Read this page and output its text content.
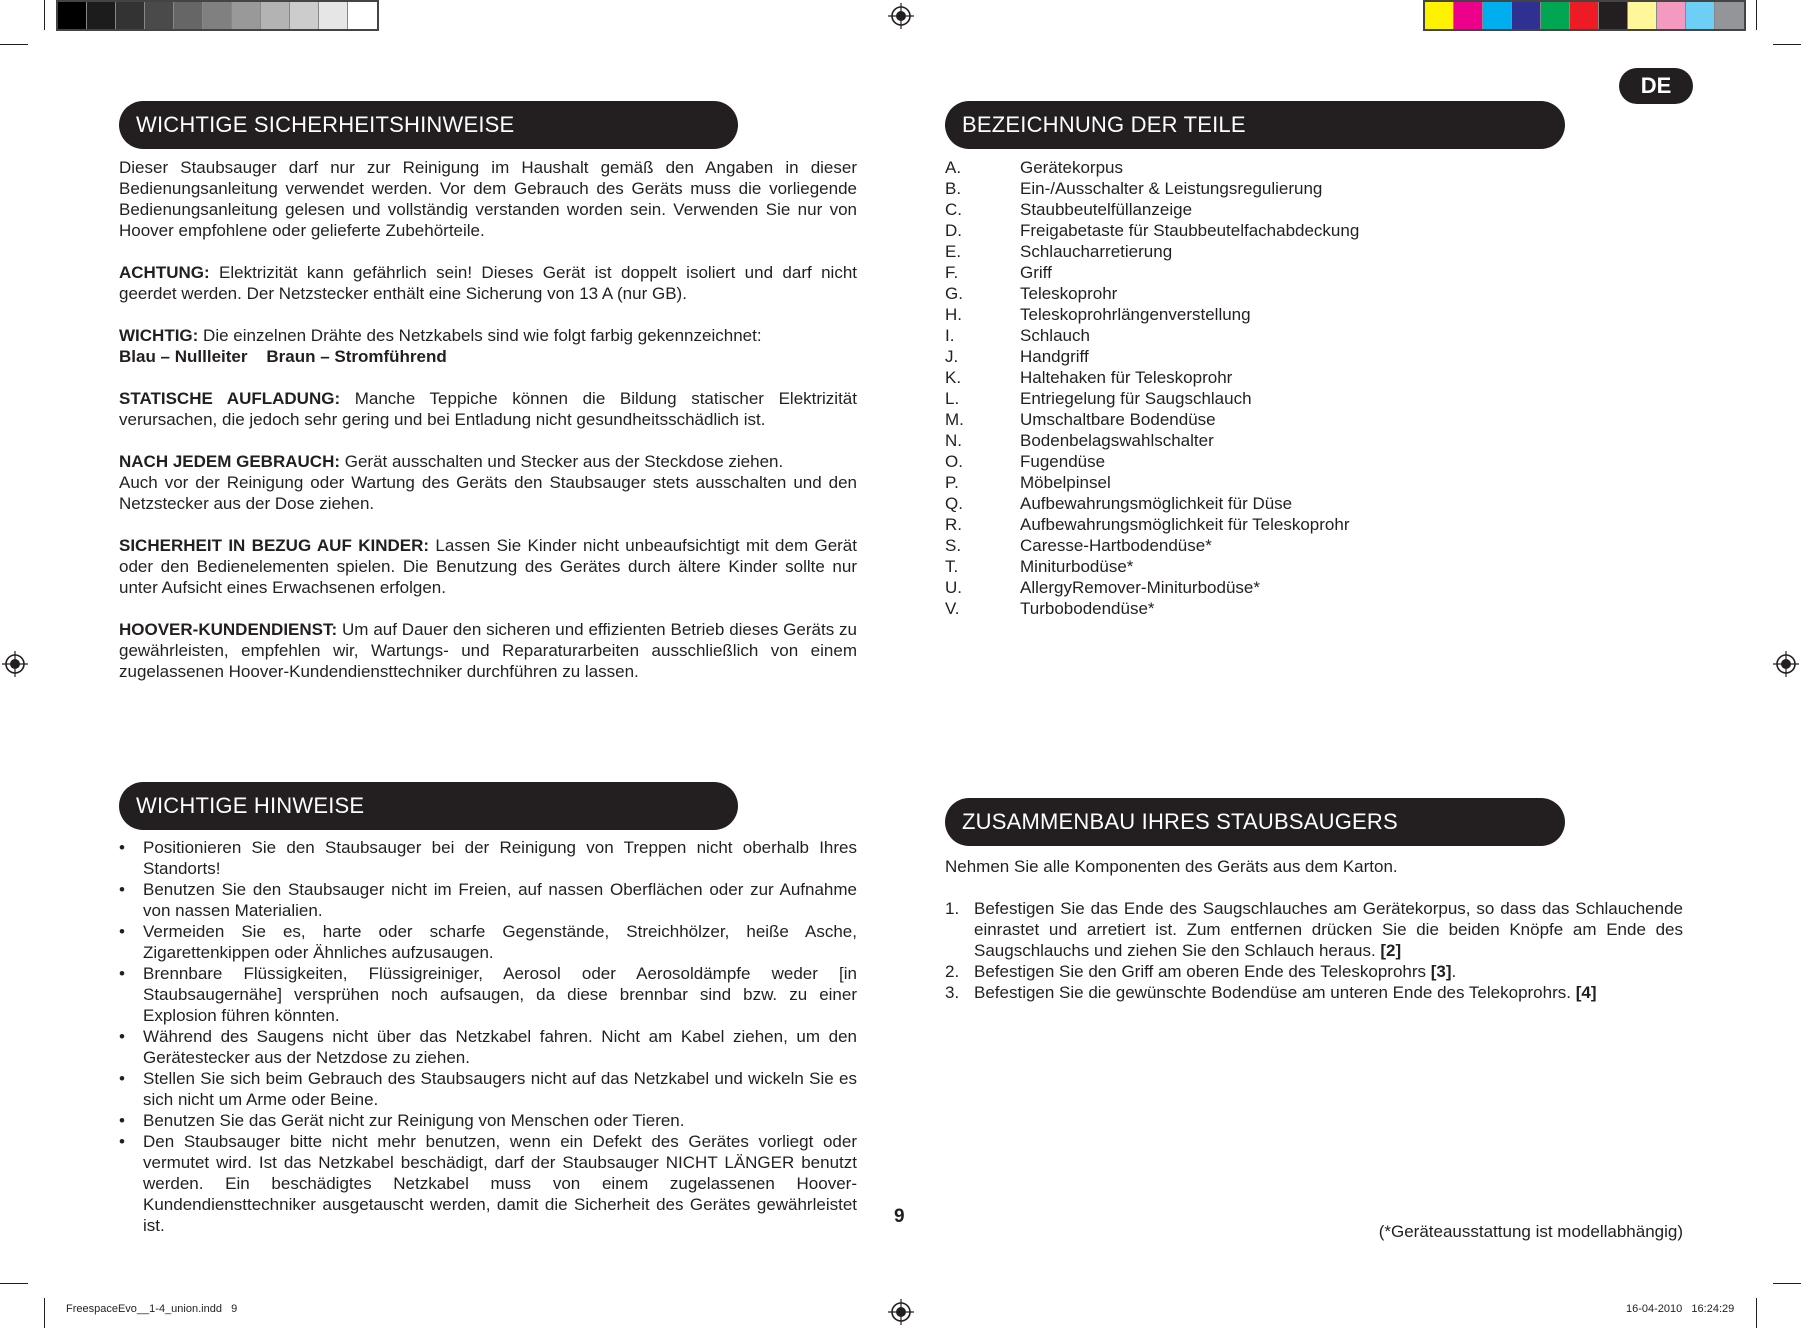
DE
WICHTIGE SICHERHEITSHINWEISE

Dieser Staubsauger darf nur zur Reinigung im Haushalt gemäß den Angaben in dieser Bedienungsanleitung verwendet werden. Vor dem Gebrauch des Geräts muss die vorliegende Bedienungsanleitung gelesen und vollständig verstanden worden sein. Verwenden Sie nur von Hoover empfohlene oder gelieferte Zubehörteile.

ACHTUNG: Elektrizität kann gefährlich sein! Dieses Gerät ist doppelt isoliert und darf nicht geerdet werden. Der Netzstecker enthält eine Sicherung von 13 A (nur GB).

WICHTIG: Die einzelnen Drähte des Netzkabels sind wie folgt farbig gekennzeichnet:
Blau – Nullleiter    Braun – Stromführend

STATISCHE AUFLADUNG: Manche Teppiche können die Bildung statischer Elektrizität verursachen, die jedoch sehr gering und bei Entladung nicht gesundheitsschädlich ist.

NACH JEDEM GEBRAUCH: Gerät ausschalten und Stecker aus der Steckdose ziehen.
Auch vor der Reinigung oder Wartung des Geräts den Staubsauger stets ausschalten und den Netzstecker aus der Dose ziehen.

SICHERHEIT IN BEZUG AUF KINDER: Lassen Sie Kinder nicht unbeaufsichtigt mit dem Gerät oder den Bedienelementen spielen. Die Benutzung des Gerätes durch ältere Kinder sollte nur unter Aufsicht eines Erwachsenen erfolgen.

HOOVER-KUNDENDIENST: Um auf Dauer den sicheren und effizienten Betrieb dieses Geräts zu gewährleisten, empfehlen wir, Wartungs- und Reparaturarbeiten ausschließlich von einem zugelassenen Hoover-Kundendiensttechniker durchführen zu lassen.

BEZEICHNUNG DER TEILE
A.	Gerätekorpus
B.	Ein-/Ausschalter & Leistungsregulierung
C.	Staubbeutelfüllanzeige
D.	Freigabetaste für Staubbeutelfachabdeckung
E.	Schlaucharretierung
F.	Griff
G.	Teleskoprohr
H.	Teleskoprohrlängenverstellung
I.	Schlauch
J.	Handgriff
K.	Haltehaken für Teleskoprohr
L.	Entriegelung für Saugschlauch
M.	Umschaltbare Bodendüse
N.	Bodenbelagswahlschalter
O.	Fugendüse
P.	Möbelpinsel
Q.	Aufbewahrungsmöglichkeit für Düse
R.	Aufbewahrungsmöglichkeit für Teleskoprohr
S.	Caresse-Hartbodendüse*
T.	Miniturbodüse*
U.	AllergyRemover-Miniturbodüse*
V.	Turbobodendüse*
WICHTIGE HINWEISE
• Positionieren Sie den Staubsauger bei der Reinigung von Treppen nicht oberhalb Ihres Standorts!
• Benutzen Sie den Staubsauger nicht im Freien, auf nassen Oberflächen oder zur Aufnahme von nassen Materialien.
• Vermeiden Sie es, harte oder scharfe Gegenstände, Streichhölzer, heiße Asche, Zigarettenkippen oder Ähnliches aufzusaugen.
• Brennbare Flüssigkeiten, Flüssigreiniger, Aerosol oder Aerosoldämpfe weder [in Staubsaugernähe] versprühen noch aufsaugen, da diese brennbar sind bzw. zu einer Explosion führen könnten.
• Während des Saugens nicht über das Netzkabel fahren. Nicht am Kabel ziehen, um den Gerätestecker aus der Netzdose zu ziehen.
• Stellen Sie sich beim Gebrauch des Staubsaugers nicht auf das Netzkabel und wickeln Sie es sich nicht um Arme oder Beine.
• Benutzen Sie das Gerät nicht zur Reinigung von Menschen oder Tieren.
• Den Staubsauger bitte nicht mehr benutzen, wenn ein Defekt des Gerätes vorliegt oder vermutet wird. Ist das Netzkabel beschädigt, darf der Staubsauger NICHT LÄNGER benutzt werden. Ein beschädigtes Netzkabel muss von einem zugelassenen Hoover-Kundendiensttechniker ausgetauscht werden, damit die Sicherheit des Gerätes gewährleistet ist.
ZUSAMMENBAU IHRES STAUBSAUGERS

Nehmen Sie alle Komponenten des Geräts aus dem Karton.

1. Befestigen Sie das Ende des Saugschlauches am Gerätekorpus, so dass das Schlauchende einrastet und arretiert ist. Zum entfernen drücken Sie die beiden Knöpfe am Ende des Saugschlauchs und ziehen Sie den Schlauch heraus. [2]
2. Befestigen Sie den Griff am oberen Ende des Teleskoprohrs [3].
3. Befestigen Sie die gewünschte Bodendüse am unteren Ende des Telekoprohrs. [4]
9
(*Geräteausstattung ist modellabhängig)
FreespaceEvo__1-4_union.indd   9	16-04-2010   16:24:29
